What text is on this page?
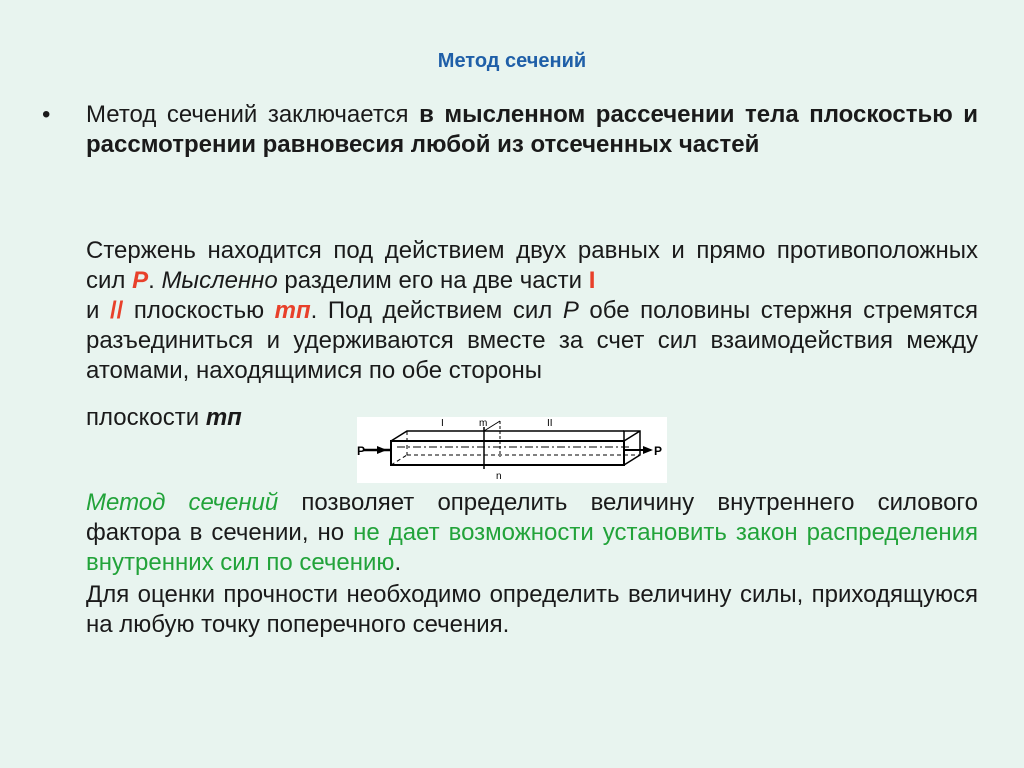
Метод сечений
• Метод сечений заключается в мысленном рассечении тела плоскостью и рассмотрении равновесия любой из отсеченных частей
Стержень находится под действием двух равных и прямо противоположных сил Р. Мысленно разделим его на две части I
и // плоскостью тп. Под действием сил Р обе половины стержня стремятся разъединиться и удерживаются вместе за счет сил взаимодействия между атомами, находящимися по обе стороны
плоскости тп
P
I	m	II
n
P
Метод сечений позволяет определить величину внутреннего силового фактора в сечении, но не дает возможности установить закон распределения внутренних сил по сечению.
Для оценки прочности необходимо определить величину силы, приходящуюся на любую точку поперечного сечения.
